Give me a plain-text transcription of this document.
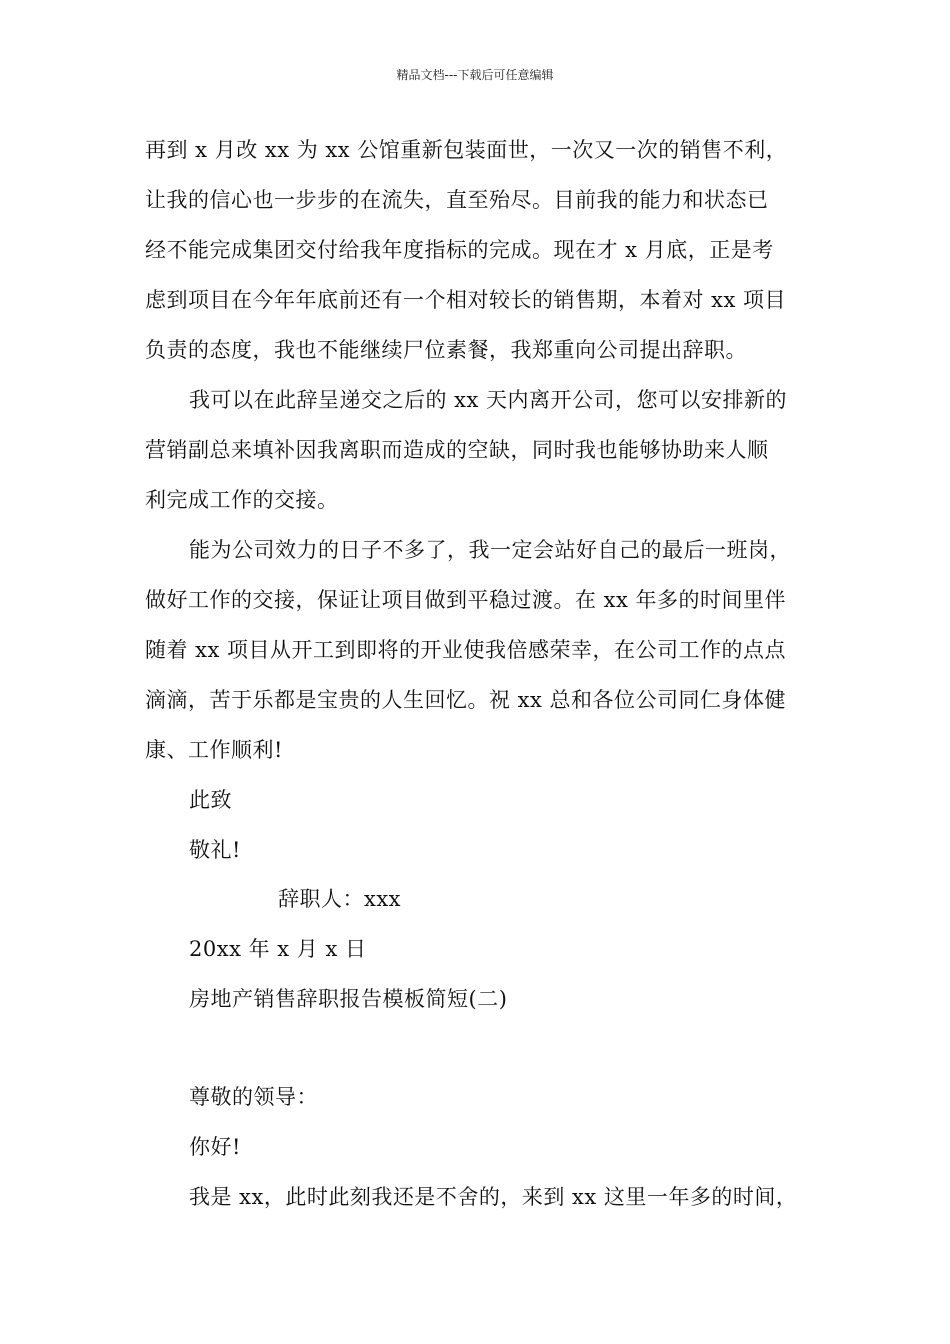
精品文档---下载后可任意编辑
再到 x 月改 xx 为 xx 公馆重新包装面世，一次又一次的销售不利，
让我的信心也一步步的在流失，直至殆尽。目前我的能力和状态已
经不能完成集团交付给我年度指标的完成。现在才 x 月底，正是考
虑到项目在今年年底前还有一个相对较长的销售期，本着对 xx 项目
负责的态度，我也不能继续尸位素餐，我郑重向公司提出辞职。
我可以在此辞呈递交之后的 xx 天内离开公司，您可以安排新的
营销副总来填补因我离职而造成的空缺，同时我也能够协助来人顺
利完成工作的交接。
能为公司效力的日子不多了，我一定会站好自己的最后一班岗，
做好工作的交接，保证让项目做到平稳过渡。在 xx 年多的时间里伴
随着 xx 项目从开工到即将的开业使我倍感荣幸，在公司工作的点点
滴滴，苦于乐都是宝贵的人生回忆。祝 xx 总和各位公司同仁身体健
康、工作顺利!
此致
敬礼!
辞职人：xxx
20xx 年 x 月 x 日
房地产销售辞职报告模板简短(二)
尊敬的领导：
你好!
我是 xx，此时此刻我还是不舍的，来到 xx 这里一年多的时间，
